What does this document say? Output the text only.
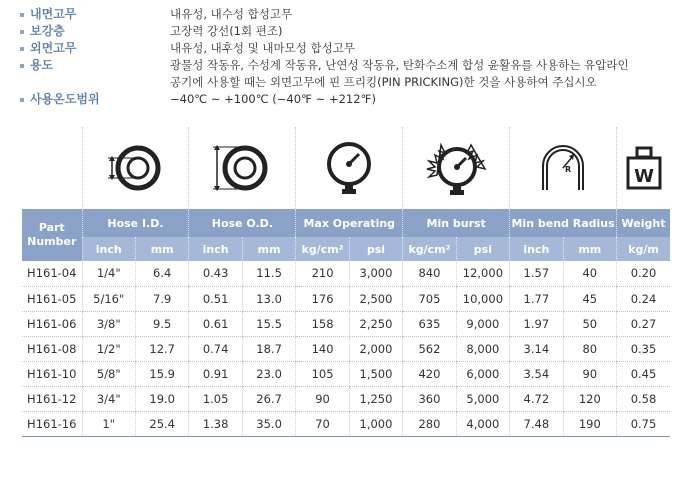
내면고무	내유성, 내수성 합성고무
보강층	고장력 강선(1회 편조)
외면고무	내유성, 내후성 및 내마모성 합성고무
용도	광물성 작동유, 수성계 작동유, 난연성 작동유, 탄화수소계 합성 윤활유를 사용하는 유압라인
공기에 사용할 때는 외면고무에 핀 프리킹(PIN PRICKING)한 것을 사용하여 주십시오
사용온도범위	−40℃ ~ +100℃ (−40℉ ~ +212℉)

R		W

Part Number	Hose I.D.		Hose O.D.		Max Operating		Min burst		Min bend Radius		Weight
	inch	mm	inch	mm	kg/cm²	psi	kg/cm²	psi	inch	mm	kg/m
H161-04	1/4"	6.4	0.43	11.5	210	3,000	840	12,000	1.57	40	0.20
H161-05	5/16"	7.9	0.51	13.0	176	2,500	705	10,000	1.77	45	0.24
H161-06	3/8"	9.5	0.61	15.5	158	2,250	635	9,000	1.97	50	0.27
H161-08	1/2"	12.7	0.74	18.7	140	2,000	562	8,000	3.14	80	0.35
H161-10	5/8"	15.9	0.91	23.0	105	1,500	420	6,000	3.54	90	0.45
H161-12	3/4"	19.0	1.05	26.7	90	1,250	360	5,000	4.72	120	0.58
H161-16	1"	25.4	1.38	35.0	70	1,000	280	4,000	7.48	190	0.75
